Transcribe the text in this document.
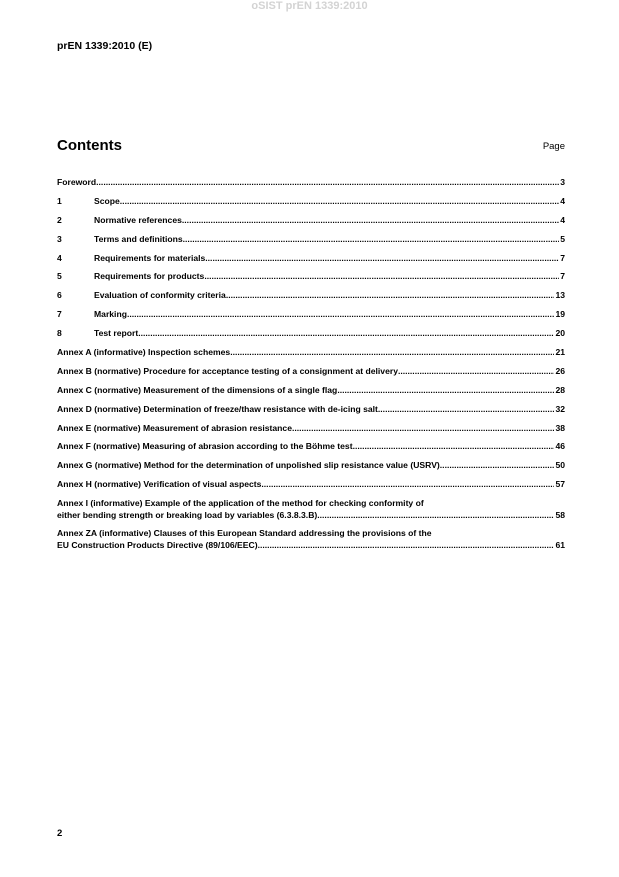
oSIST prEN 1339:2010
prEN 1339:2010 (E)
Contents	Page
Foreword .....	3
1	Scope .....	4
2	Normative references .....	4
3	Terms and definitions .....	5
4	Requirements for materials .....	7
5	Requirements for products .....	7
6	Evaluation of conformity criteria .....	13
7	Marking .....	19
8	Test report .....	20
Annex A (informative) Inspection schemes .....	21
Annex B (normative) Procedure for acceptance testing of a consignment at delivery .....	26
Annex C (normative) Measurement of the dimensions of a single flag .....	28
Annex D (normative) Determination of freeze/thaw resistance with de-icing salt .....	32
Annex E (normative) Measurement of abrasion resistance .....	38
Annex F (normative) Measuring of abrasion according to the Böhme test .....	46
Annex G (normative) Method for the determination of unpolished slip resistance value (USRV) .....	50
Annex H (normative) Verification of visual aspects .....	57
Annex I (informative) Example of the application of the method for checking conformity of
either bending strength or breaking load by variables (6.3.8.3.B) .....	58
Annex ZA (informative) Clauses of this European Standard addressing the provisions of the
EU Construction Products Directive (89/106/EEC) .....	61
2
